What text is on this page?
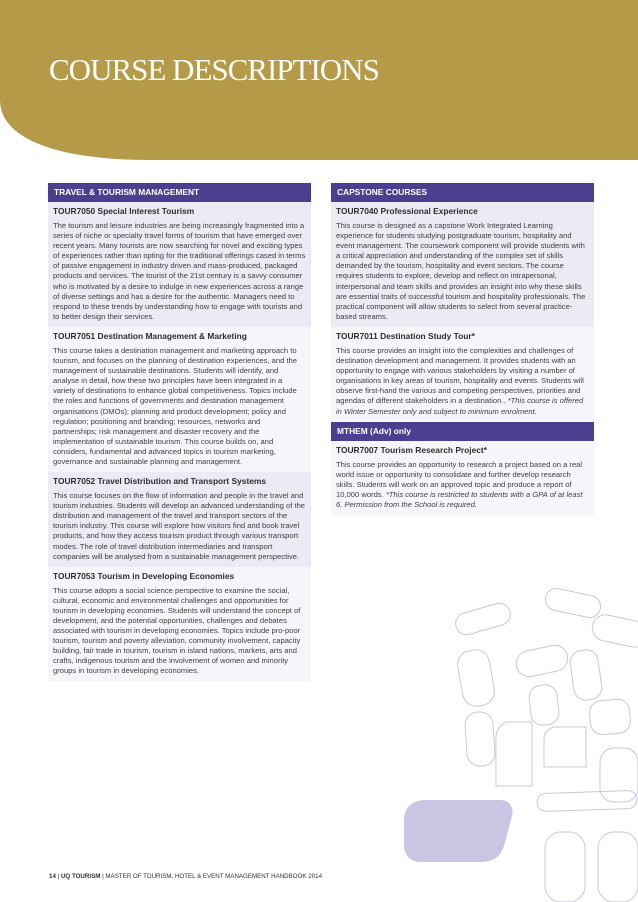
COURSE DESCRIPTIONS
TRAVEL & TOURISM MANAGEMENT
TOUR7050 Special Interest Tourism
The tourism and leisure industries are being increasingly fragmented into a series of niche or specialty travel forms of tourism that have emerged over recent years. Many tourists are now searching for novel and exciting types of experiences rather than opting for the traditional offerings cased in terms of passive engagement in industry driven and mass-produced, packaged products and services. The tourist of the 21st century is a savvy consumer who is motivated by a desire to indulge in new experiences across a range of diverse settings and has a desire for the authentic. Managers need to respond to these trends by understanding how to engage with tourists and to better design their services.
TOUR7051 Destination Management & Marketing
This course takes a destination management and marketing approach to tourism, and focuses on the planning of destination experiences, and the management of sustainable destinations. Students will identify, and analyse in detail, how these two principles have been integrated in a variety of destinations to enhance global competitiveness. Topics include the roles and functions of governments and destination management organisations (DMOs); planning and product development; policy and regulation; positioning and branding; resources, networks and partnerships; risk management and disaster recovery and the implementation of sustainable tourism. This course builds on, and considers, fundamental and advanced topics in tourism marketing, governance and sustainable planning and management.
TOUR7052 Travel Distribution and Transport Systems
This course focuses on the flow of information and people in the travel and tourism industries. Students will develop an advanced understanding of the distribution and management of the travel and transport sectors of the tourism industry. This course will explore how visitors find and book travel products, and how they access tourism product through various transport modes. The role of travel distribution intermediaries and transport companies will be analysed from a sustainable management perspective.
TOUR7053 Tourism in Developing Economies
This course adopts a social science perspective to examine the social, cultural, economic and environmental challenges and opportunities for tourism in developing economies. Students will understand the concept of development, and the potential opportunities, challenges and debates associated with tourism in developing economies. Topics include pro-poor tourism, tourism and poverty alleviation, community involvement, capacity building, fair trade in tourism, tourism in island nations, markets, arts and crafts, indigenous tourism and the involvement of women and minority groups in tourism in developing economies.
CAPSTONE COURSES
TOUR7040 Professional Experience
This course is designed as a capstone Work Integrated Learning experience for students studying postgraduate tourism, hospitality and event management. The coursework component will provide students with a critical appreciation and understanding of the complex set of skills demanded by the tourism, hospitality and event sectors. The course requires students to explore, develop and reflect on intrapersonal, interpersonal and team skills and provides an insight into why these skills are essential traits of successful tourism and hospitality professionals. The practical component will allow students to select from several practice-based streams.
TOUR7011 Destination Study Tour*
This course provides an insight into the complexities and challenges of destination development and management. It provides students with an opportunity to engage with various stakeholders by visiting a number of organisations in key areas of tourism, hospitality and events. Students will observe first-hand the various and competing perspectives, priorities and agendas of different stakeholders in a destination.. *This course is offered in Winter Semester only and subject to minimum enrolment.
MTHEM (Adv) only
TOUR7007 Tourism Research Project*
This course provides an opportunity to research a project based on a real world issue or opportunity to consolidate and further develop research skills. Students will work on an approved topic and produce a report of 10,000 words. *This course is restricted to students with a GPA of at least 6. Permission from the School is required.
14 | UQ TOURISM | MASTER OF TOURISM, HOTEL & EVENT MANAGEMENT HANDBOOK 2014
